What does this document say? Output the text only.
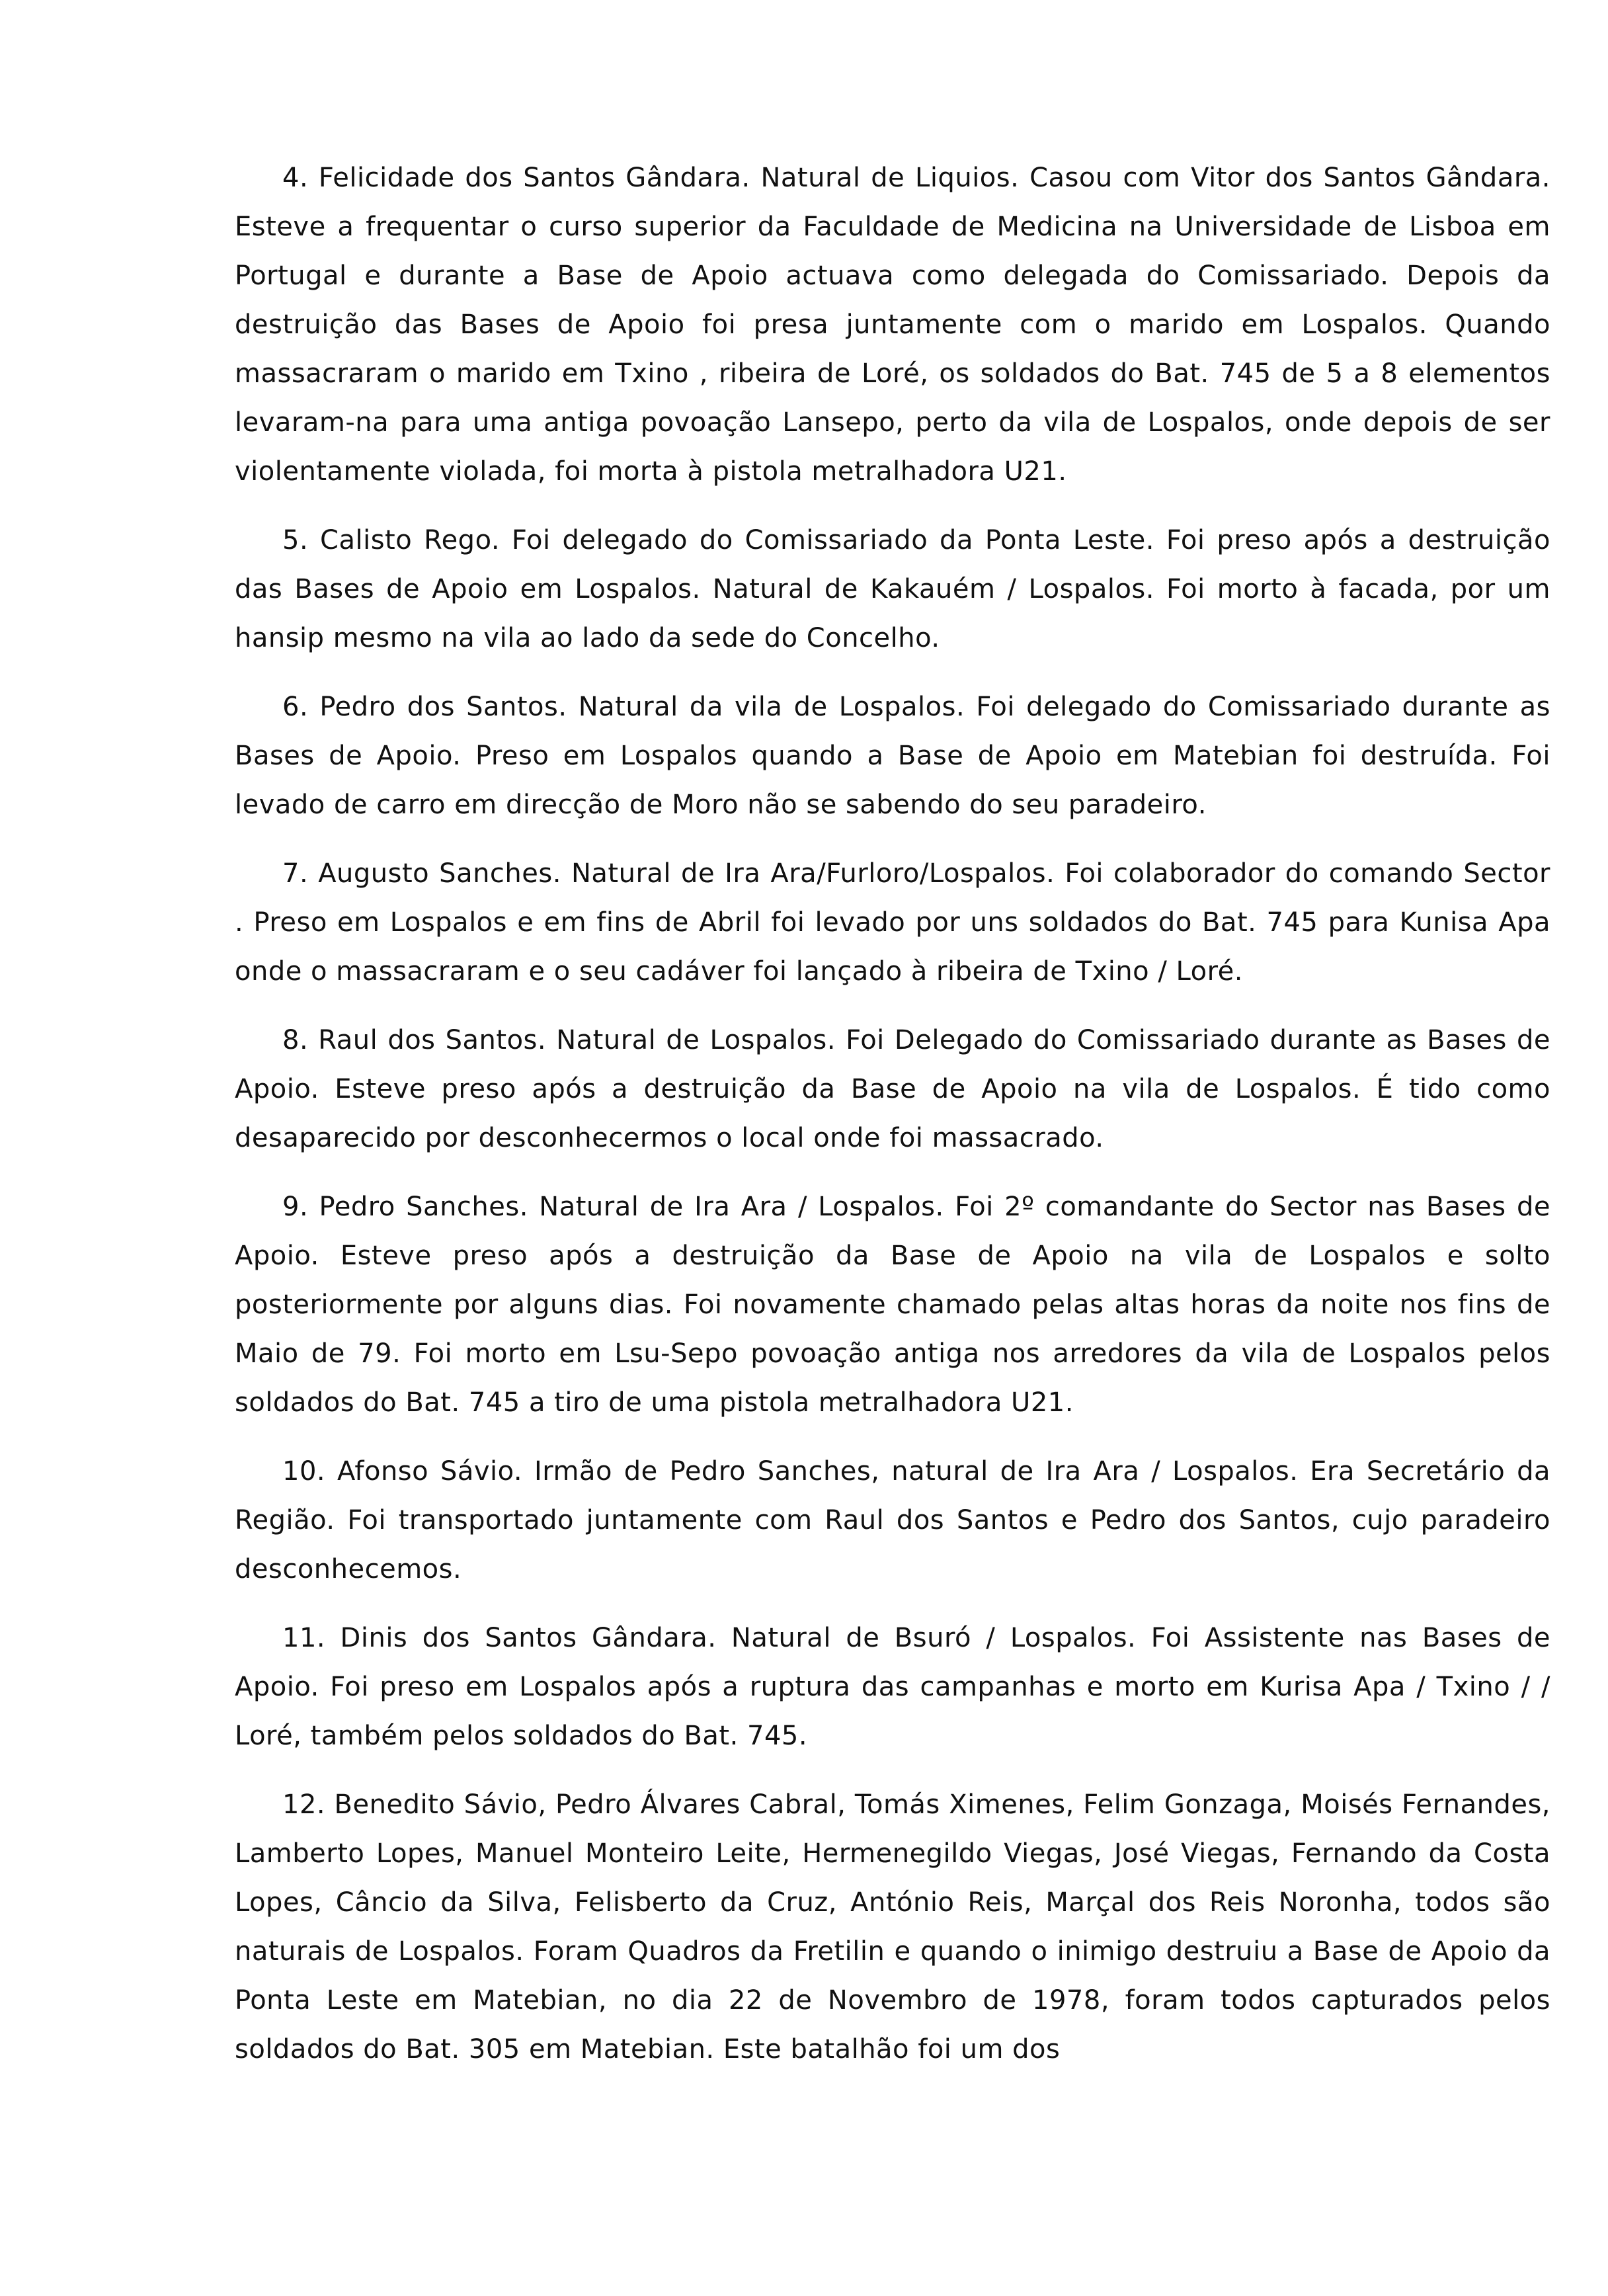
4. Felicidade dos Santos Gândara. Natural de Liquios. Casou com Vitor dos Santos Gândara. Esteve a frequentar o curso superior da Faculdade de Medicina na Universidade de Lisboa em Portugal e durante a Base de Apoio actuava como delegada do Comissariado. Depois da destruição das Bases de Apoio foi presa juntamente com o marido em Lospalos. Quando massacraram o marido em Txino , ribeira de Loré, os soldados do Bat. 745 de 5 a 8 elementos levaram-na para uma antiga povoação Lansepo, perto da vila de Lospalos, onde depois de ser violentamente violada, foi morta à pistola metralhadora U21.

5. Calisto Rego. Foi delegado do Comissariado da Ponta Leste. Foi preso após a destruição das Bases de Apoio em Lospalos. Natural de Kakauém / Lospalos. Foi morto à facada, por um hansip mesmo na vila ao lado da sede do Concelho.

6. Pedro dos Santos. Natural da vila de Lospalos. Foi delegado do Comissariado durante as Bases de Apoio. Preso em Lospalos quando a Base de Apoio em Matebian foi destruída. Foi levado de carro em direcção de Moro não se sabendo do seu paradeiro.

7. Augusto Sanches. Natural de Ira Ara/Furloro/Lospalos. Foi colaborador do comando Sector . Preso em Lospalos e em fins de Abril foi levado por uns soldados do Bat. 745 para Kunisa Apa onde o massacraram e o seu cadáver foi lançado à ribeira de Txino / Loré.

8. Raul dos Santos. Natural de Lospalos. Foi Delegado do Comissariado durante as Bases de Apoio. Esteve preso após a destruição da Base de Apoio na vila de Lospalos. É tido como desaparecido por desconhecermos o local onde foi massacrado.

9. Pedro Sanches. Natural de Ira Ara / Lospalos. Foi 2º comandante do Sector nas Bases de Apoio. Esteve preso após a destruição da Base de Apoio na vila de Lospalos e solto posteriormente por alguns dias. Foi novamente chamado pelas altas horas da noite nos fins de Maio de 79. Foi morto em Lsu-Sepo povoação antiga nos arredores da vila de Lospalos pelos soldados do Bat. 745 a tiro de uma pistola metralhadora U21.

10. Afonso Sávio. Irmão de Pedro Sanches, natural de Ira Ara / Lospalos. Era Secretário da Região. Foi transportado juntamente com Raul dos Santos e Pedro dos Santos, cujo paradeiro desconhecemos.

11. Dinis dos Santos Gândara. Natural de Bsuró / Lospalos. Foi Assistente nas Bases de Apoio. Foi preso em Lospalos após a ruptura das campanhas e morto em Kurisa Apa / Txino / / Loré, também pelos soldados do Bat. 745.

12. Benedito Sávio, Pedro Álvares Cabral, Tomás Ximenes, Felim Gonzaga, Moisés Fernandes, Lamberto Lopes, Manuel Monteiro Leite, Hermenegildo Viegas, José Viegas, Fernando da Costa Lopes, Câncio da Silva, Felisberto da Cruz, António Reis, Marçal dos Reis Noronha, todos são naturais de Lospalos. Foram Quadros da Fretilin e quando o inimigo destruiu a Base de Apoio da Ponta Leste em Matebian, no dia 22 de Novembro de 1978, foram todos capturados pelos soldados do Bat. 305 em Matebian. Este batalhão foi um dos
